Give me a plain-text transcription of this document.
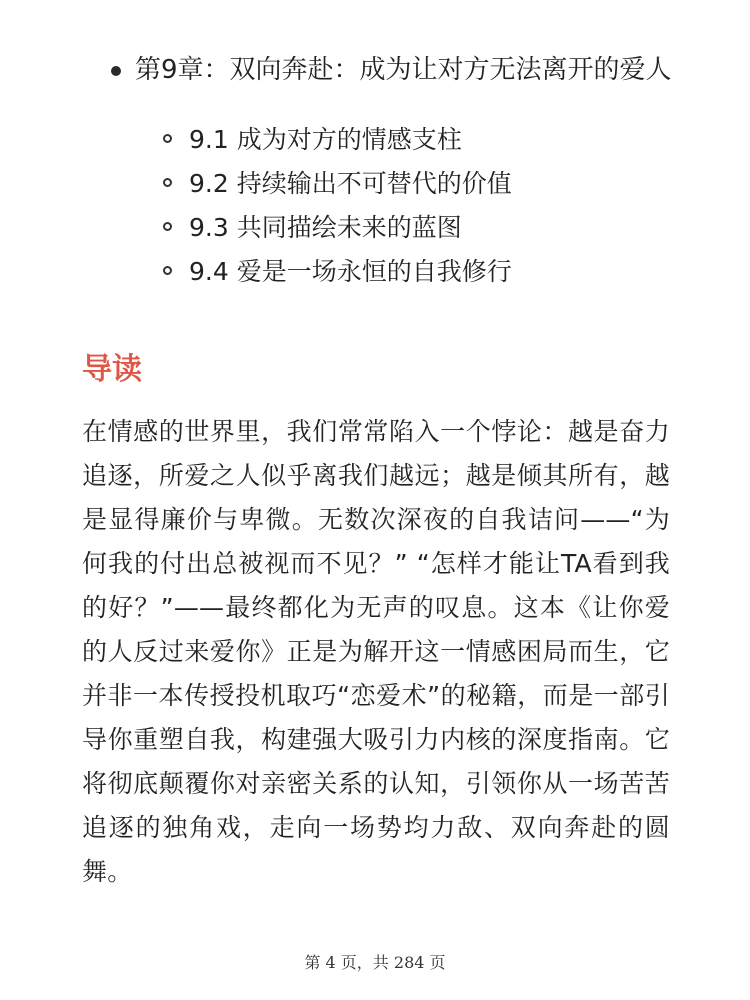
第9章：双向奔赴：成为让对方无法离开的爱人
9.1 成为对方的情感支柱
9.2 持续输出不可替代的价值
9.3 共同描绘未来的蓝图
9.4 爱是一场永恒的自我修行
导读
在情感的世界里，我们常常陷入一个悖论：越是奋力追逐，所爱之人似乎离我们越远；越是倾其所有，越是显得廉价与卑微。无数次深夜的自我诘问——“为何我的付出总被视而不见？” “怎样才能让TA看到我的好？”——最终都化为无声的叹息。这本《让你爱的人反过来爱你》正是为解开这一情感困局而生，它并非一本传授投机取巧“恋爱术”的秘籍，而是一部引导你重塑自我，构建强大吸引力内核的深度指南。它将彻底颠覆你对亲密关系的认知，引领你从一场苦苦追逐的独角戏，走向一场势均力敌、双向奔赴的圆舞。
第 4 页，共 284 页
